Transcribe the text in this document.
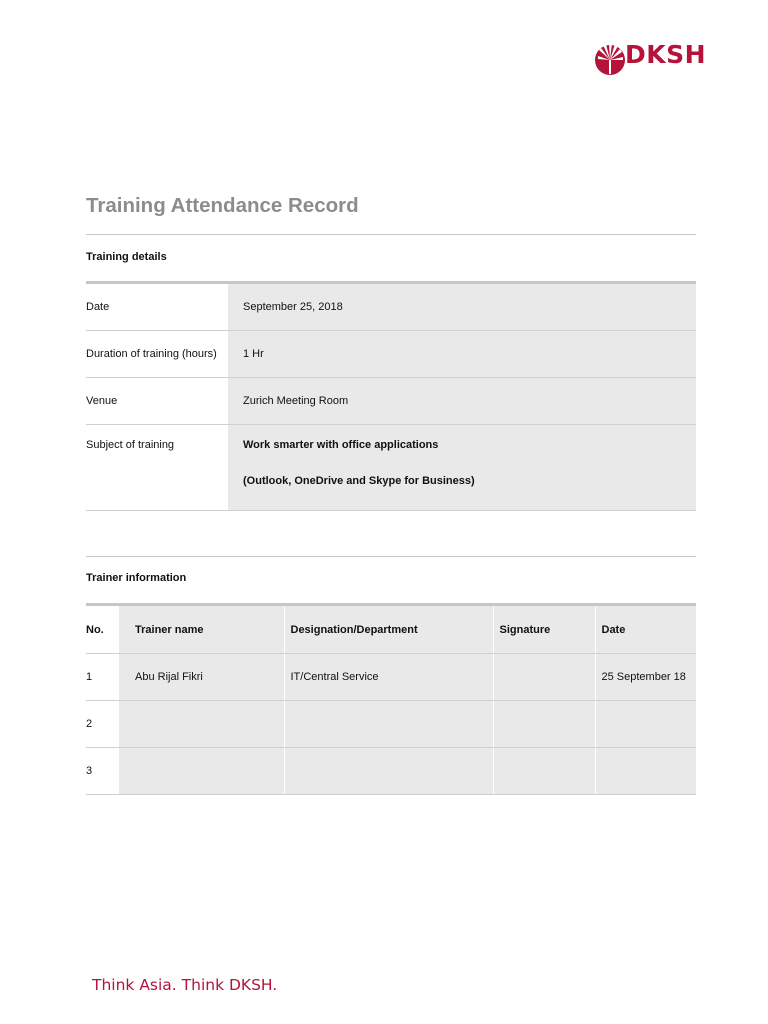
DKSH
Training Attendance Record
Training details
Date	September 25, 2018
Duration of training (hours)	1 Hr
Venue	Zurich Meeting Room
Subject of training	Work smarter with office applications
(Outlook, OneDrive and Skype for Business)
Trainer information
No.	Trainer name	Designation/Department	Signature	Date
1	Abu Rijal Fikri	IT/Central Service		25 September 18
2				
3				
Think Asia. Think DKSH.
